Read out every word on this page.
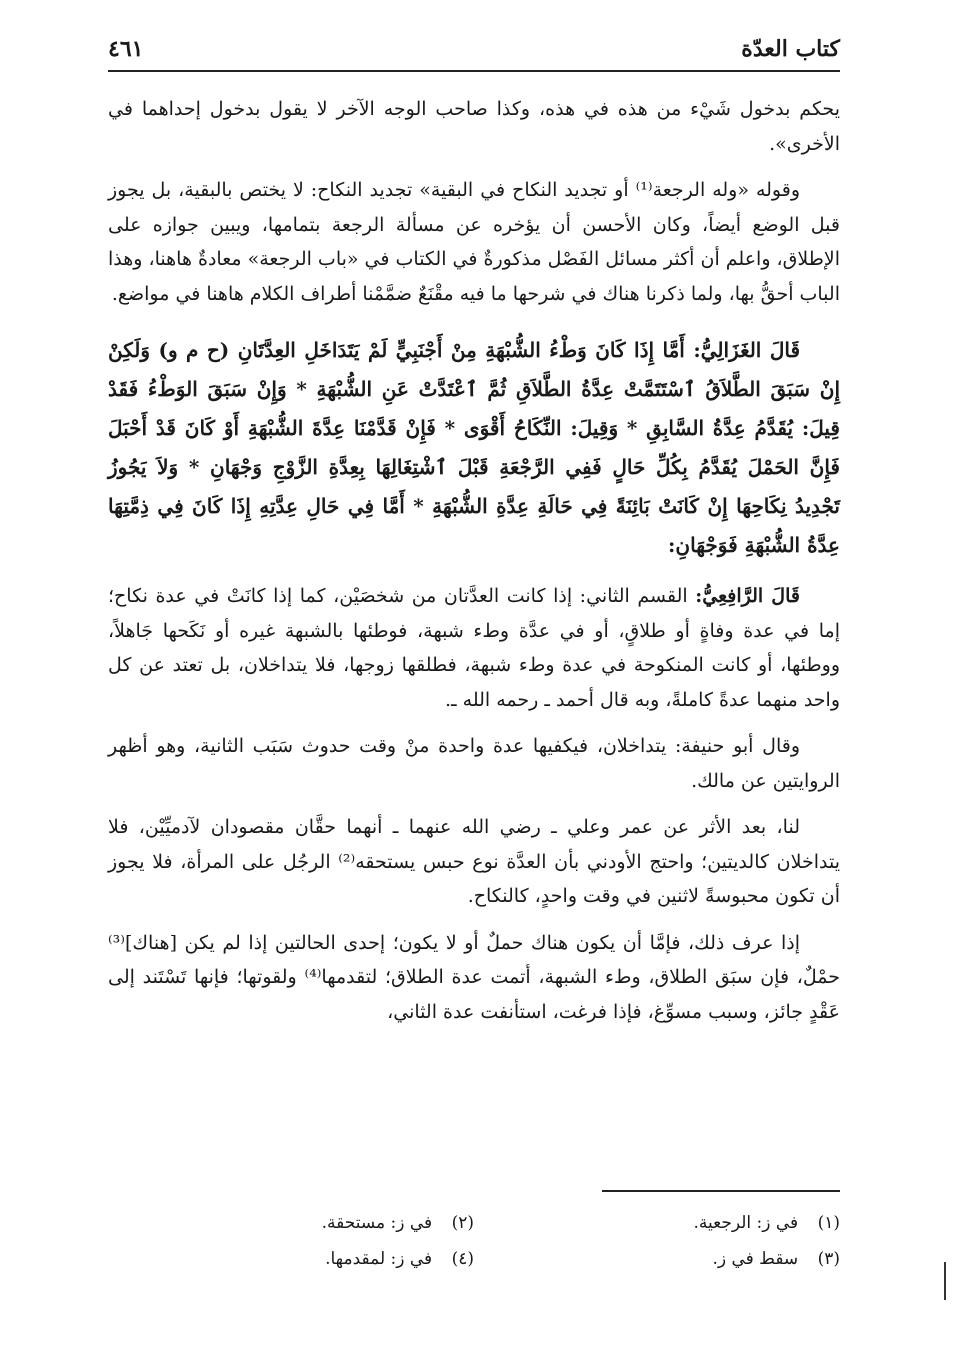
كتاب العدّة
٤٦١

يحكم بدخول شَيْء من هذه في هذه، وكذا صاحب الوجه الآخر لا يقول بدخول إحداهما في الأخرى».

وقوله «وله الرجعة⁽¹⁾ أو تجديد النكاح في البقية» تجديد النكاح: لا يختص بالبقية، بل يجوز قبل الوضع أيضاً، وكان الأحسن أن يؤخره عن مسألة الرجعة بتمامها، ويبين جوازه على الإطلاق، واعلم أن أكثر مسائل الفَصْل مذكورةٌ في الكتاب في «باب الرجعة» معادةٌ هاهنا، وهذا الباب أحقُّ بها، ولما ذكرنا هناك في شرحها ما فيه مقْنَعٌ ضمَّمْنا أطراف الكلام هاهنا في مواضع.

قَالَ الغَزَالِيُّ: أَمَّا إِذَا كَانَ وَطْءُ الشُّبْهَةِ مِنْ أَجْنَبِيٍّ لَمْ يَتَدَاخَلِ العِدَّتَانِ (ح م و) وَلَكِنْ إِنْ سَبَقَ الطَّلاَقُ ٱسْتَتَمَّتْ عِدَّةُ الطَّلاَقِ ثُمَّ ٱعْتَدَّتْ عَنِ الشُّبْهَةِ * وَإِنْ سَبَقَ الوَطْءُ فَقَدْ قِيلَ: يُقَدَّمُ عِدَّةُ السَّابِقِ * وَقِيلَ: النِّكَاحُ أَقْوَى * فَإِنْ قَدَّمْنَا عِدَّةَ الشُّبْهَةِ أَوْ كَانَ قَدْ أَحْبَلَ فَإِنَّ الحَمْلَ يُقَدَّمُ بِكُلِّ حَالٍ فَفِي الرَّجْعَةِ قَبْلَ ٱشْتِغَالِهَا بِعِدَّةِ الزَّوْجِ وَجْهَانِ * وَلاَ يَجُوزُ تَجْدِيدُ نِكَاحِهَا إِنْ كَانَتْ بَائِنَةً فِي حَالَةِ عِدَّةِ الشُّبْهَةِ * أَمَّا فِي حَالِ عِدَّتِهِ إِذَا كَانَ فِي ذِمَّتِهَا عِدَّةُ الشُّبْهَةِ فَوَجْهَانِ:

قَالَ الرَّافِعِيُّ: القسم الثاني: إذا كانت العدَّتان من شخصَيْن، كما إذا كانَتْ في عدة نكاح؛ إما في عدة وفاةٍ أو طلاقٍ، أو في عدَّة وطء شبهة، فوطئها بالشبهة غيره أو نَكَحها جَاهلاً، ووطئها، أو كانت المنكوحة في عدة وطء شبهة، فطلقها زوجها، فلا يتداخلان، بل تعتد عن كل واحد منهما عدةً كاملةً، وبه قال أحمد ـ رحمه الله ـ.

وقال أبو حنيفة: يتداخلان، فيكفيها عدة واحدة منْ وقت حدوث سَبَب الثانية، وهو أظهر الروايتين عن مالك.

لنا، بعد الأثر عن عمر وعلي ـ رضي الله عنهما ـ أنهما حقَّان مقصودان لآدميِّيْن، فلا يتداخلان كالديتين؛ واحتج الأودني بأن العدَّة نوع حبس يستحقه⁽²⁾ الرجُل على المرأة، فلا يجوز أن تكون محبوسةً لاثنين في وقت واحدٍ، كالنكاح.

إذا عرف ذلك، فإمَّا أن يكون هناك حملٌ أو لا يكون؛ إحدى الحالتين إذا لم يكن [هناك]⁽³⁾ حمْلٌ، فإن سبَق الطلاق، وطء الشبهة، أتمت عدة الطلاق؛ لتقدمها⁽⁴⁾ ولقوتها؛ فإنها تَسْتَند إلى عَقْدٍ جائز، وسبب مسوِّغ، فإذا فرغت، استأنفت عدة الثاني،

(١) في ز: الرجعية.
(٢) في ز: مستحقة.
(٣) سقط في ز.
(٤) في ز: لمقدمها.
